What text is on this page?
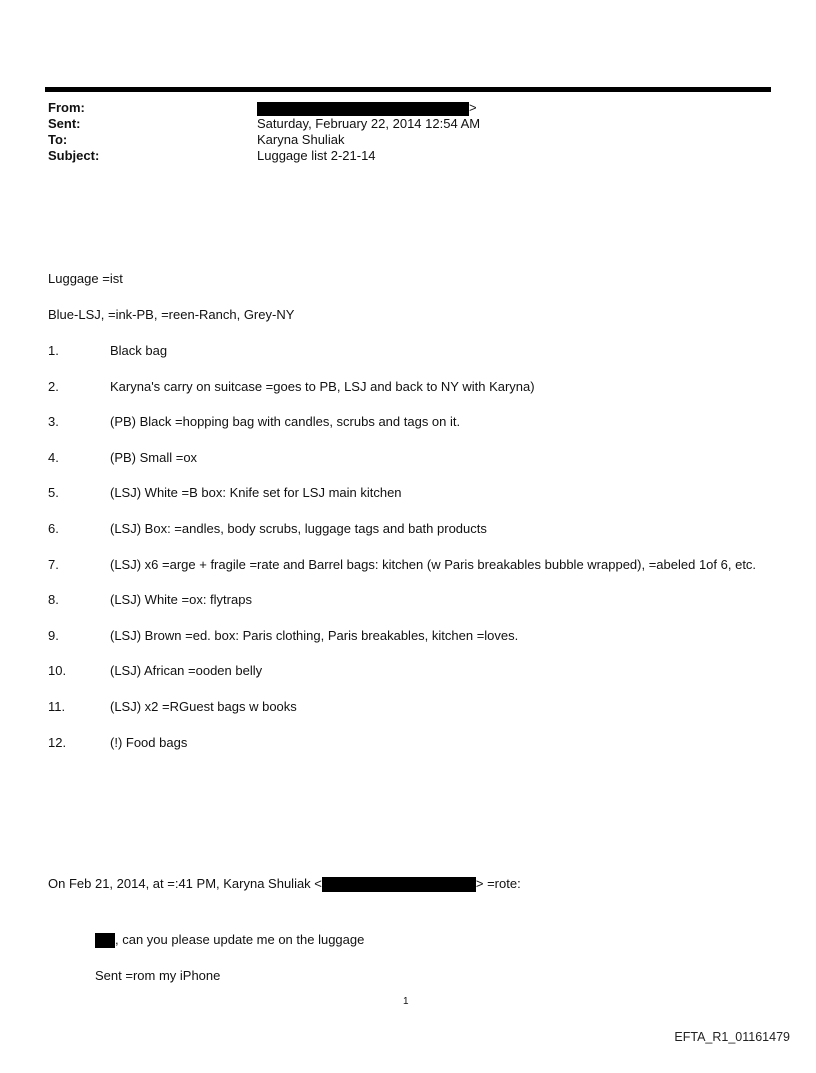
From:	>
Sent:	Saturday, February 22, 2014 12:54 AM
To:	Karyna Shuliak
Subject:	Luggage list 2-21-14
Luggage =ist
Blue-LSJ, =ink-PB, =reen-Ranch, Grey-NY
1.	Black bag
2.	Karyna's carry on suitcase =goes to PB, LSJ and back to NY with Karyna)
3.	(PB) Black =hopping bag with candles, scrubs and tags on it.
4.	(PB) Small =ox
5.	(LSJ) White =B box: Knife set for LSJ main kitchen
6.	(LSJ) Box: =andles, body scrubs, luggage tags and bath products
7.	(LSJ) x6 =arge + fragile =rate and Barrel bags: kitchen (w Paris breakables bubble wrapped), =abeled 1of 6, etc.
8.	(LSJ) White =ox: flytraps
9.	(LSJ) Brown =ed. box: Paris clothing, Paris breakables, kitchen =loves.
10.	(LSJ) African =ooden belly
11.	(LSJ) x2 =RGuest bags w books
12.	(!) Food bags
On Feb 21, 2014, at =:41 PM, Karyna Shuliak <	> =rote:
, can you please update me on the luggage
Sent =rom my iPhone
1
EFTA_R1_01161479
